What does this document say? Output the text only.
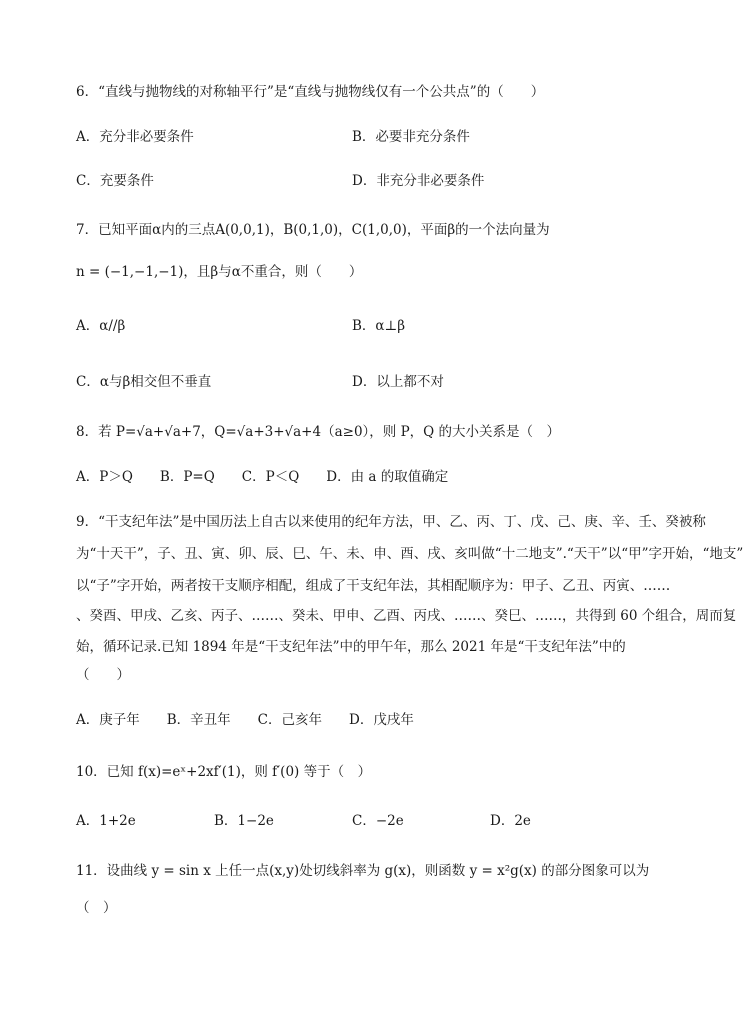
6．“直线与抛物线的对称轴平行”是“直线与抛物线仅有一个公共点”的（　　）
A．充分非必要条件	B．必要非充分条件
C．充要条件	D．非充分非必要条件
7．已知平面α内的三点A(0,0,1)，B(0,1,0)，C(1,0,0)，平面β的一个法向量为
n = (−1,−1,−1)，且β与α不重合，则（　　）
A．α//β	B．α⊥β
C．α与β相交但不垂直	D．以上都不对
8．若 P=√a+√a+7，Q=√a+3+√a+4（a≥0），则 P，Q 的大小关系是（　）
A．P＞Q　　B．P=Q　　C．P＜Q　　D．由 a 的取值确定
9．“干支纪年法”是中国历法上自古以来使用的纪年方法，甲、乙、丙、丁、戊、己、庚、辛、壬、癸被称
为“十天干”，子、丑、寅、卯、辰、巳、午、未、申、酉、戌、亥叫做“十二地支”.“天干”以“甲”字开始，“地支”
以“子”字开始，两者按干支顺序相配，组成了干支纪年法，其相配顺序为：甲子、乙丑、丙寅、……
、癸酉、甲戌、乙亥、丙子、……、癸未、甲申、乙酉、丙戌、……、癸巳、……，共得到 60 个组合，周而复
始，循环记录.已知 1894 年是“干支纪年法”中的甲午年，那么 2021 年是“干支纪年法”中的
（　　）
A．庚子年　　B．辛丑年　　C．己亥年　　D．戊戌年
10．已知 f(x)=eˣ+2xf′(1)，则 f′(0) 等于（　）
A．1+2e	B．1−2e	C．−2e	D．2e
11．设曲线 y = sin x 上任一点(x,y)处切线斜率为 g(x)，则函数 y = x²g(x) 的部分图象可以为
（　）
